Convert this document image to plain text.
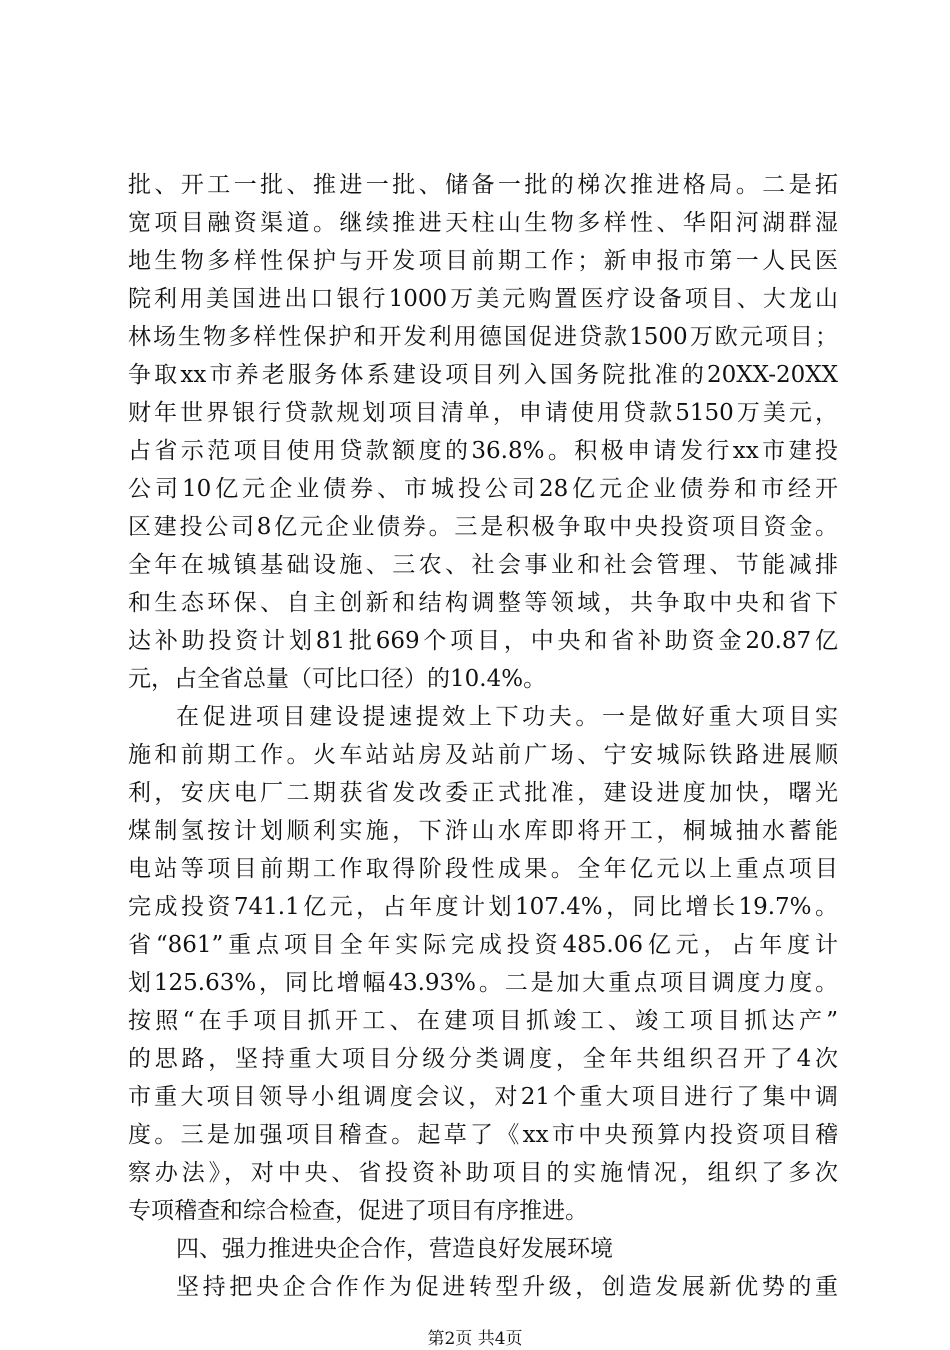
批、开工一批、推进一批、储备一批的梯次推进格局。二是拓

宽项目融资渠道。继续推进天柱山生物多样性、华阳河湖群湿

地生物多样性保护与开发项目前期工作；新申报市第一人民医

院利用美国进出口银行1000万美元购置医疗设备项目、大龙山

林场生物多样性保护和开发利用德国促进贷款1500万欧元项目；

争取xx市养老服务体系建设项目列入国务院批准的20XX-20XX

财年世界银行贷款规划项目清单，申请使用贷款5150万美元，

占省示范项目使用贷款额度的36.8%。积极申请发行xx市建投

公司10亿元企业债券、市城投公司28亿元企业债券和市经开

区建投公司8亿元企业债券。三是积极争取中央投资项目资金。

全年在城镇基础设施、三农、社会事业和社会管理、节能减排

和生态环保、自主创新和结构调整等领域，共争取中央和省下

达补助投资计划81批669个项目，中央和省补助资金20.87亿

元，占全省总量（可比口径）的10.4%。

在促进项目建设提速提效上下功夫。一是做好重大项目实

施和前期工作。火车站站房及站前广场、宁安城际铁路进展顺

利，安庆电厂二期获省发改委正式批准，建设进度加快，曙光

煤制氢按计划顺利实施，下浒山水库即将开工，桐城抽水蓄能

电站等项目前期工作取得阶段性成果。全年亿元以上重点项目

完成投资741.1亿元，占年度计划107.4%，同比增长19.7%。

省“861”重点项目全年实际完成投资485.06亿元，占年度计

划125.63%，同比增幅43.93%。二是加大重点项目调度力度。

按照“在手项目抓开工、在建项目抓竣工、竣工项目抓达产”

的思路，坚持重大项目分级分类调度，全年共组织召开了4次

市重大项目领导小组调度会议，对21个重大项目进行了集中调

度。三是加强项目稽查。起草了《xx市中央预算内投资项目稽

察办法》，对中央、省投资补助项目的实施情况，组织了多次

专项稽查和综合检查，促进了项目有序推进。

四、强力推进央企合作，营造良好发展环境

坚持把央企合作作为促进转型升级，创造发展新优势的重

第2页 共4页
